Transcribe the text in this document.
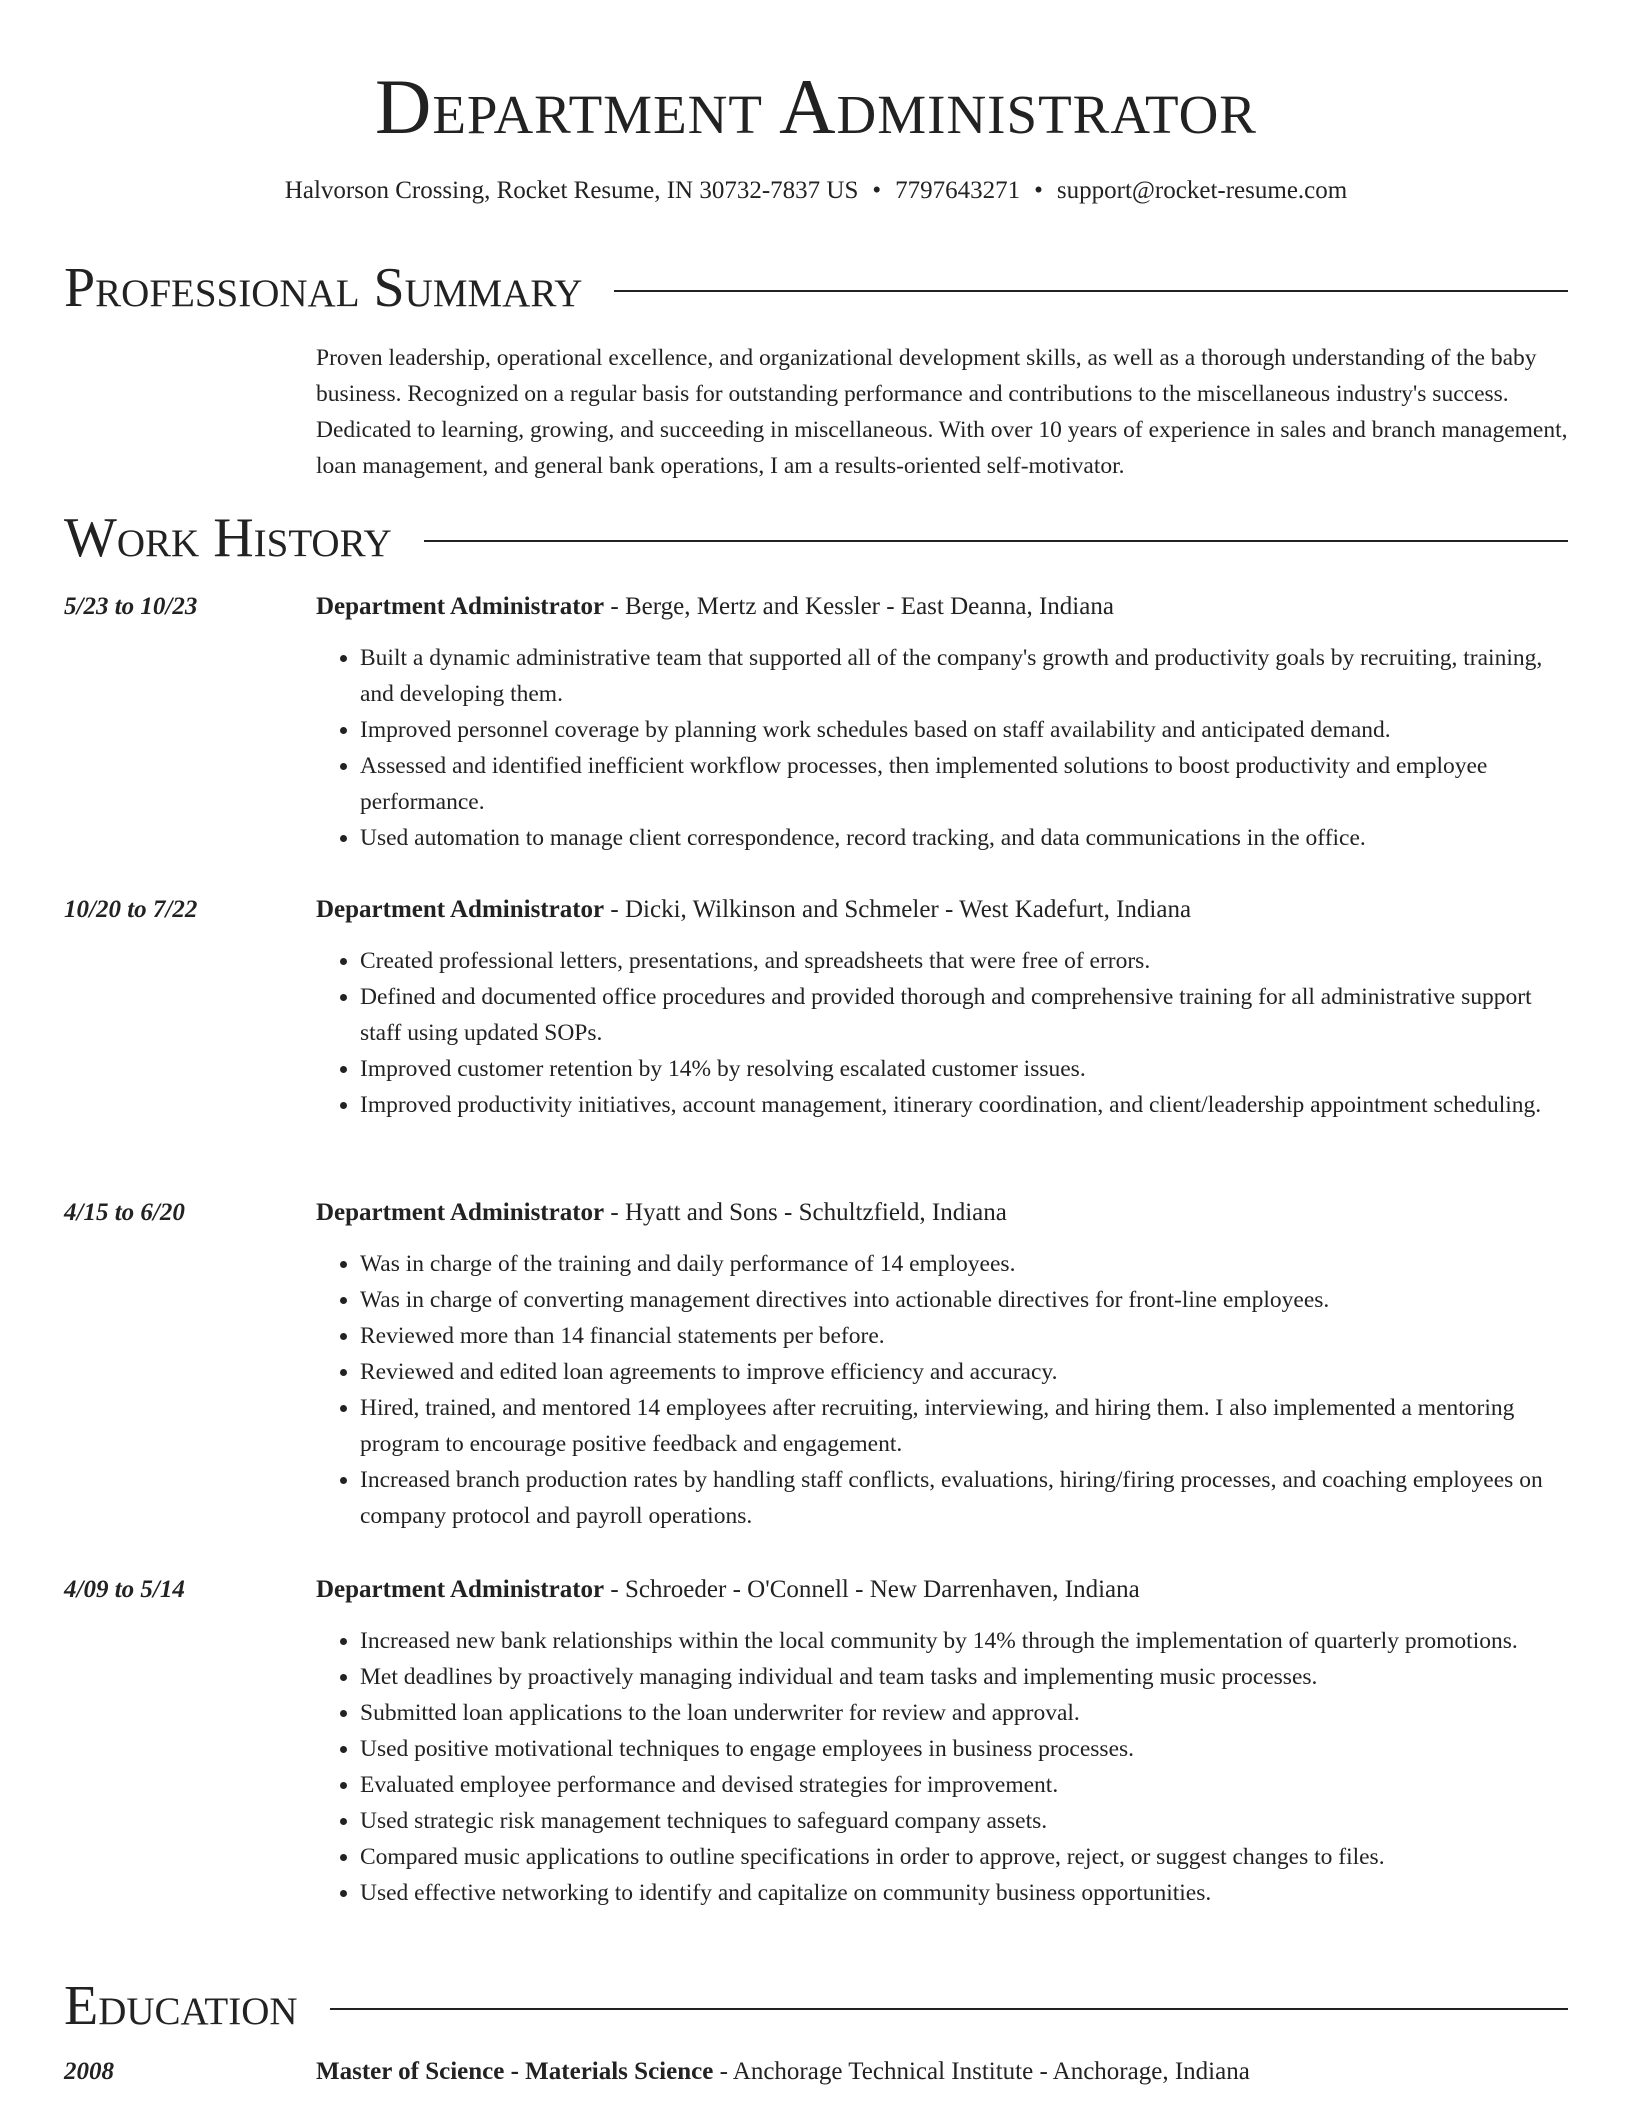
Department Administrator
Halvorson Crossing, Rocket Resume, IN 30732-7837 US • 7797643271 • support@rocket-resume.com
Professional Summary

Proven leadership, operational excellence, and organizational development skills, as well as a thorough understanding of the baby business. Recognized on a regular basis for outstanding performance and contributions to the miscellaneous industry's success. Dedicated to learning, growing, and succeeding in miscellaneous. With over 10 years of experience in sales and branch management, loan management, and general bank operations, I am a results-oriented self-motivator.

Work History
5/23 to 10/23	Department Administrator - Berge, Mertz and Kessler - East Deanna, Indiana
• Built a dynamic administrative team that supported all of the company's growth and productivity goals by recruiting, training, and developing them.
• Improved personnel coverage by planning work schedules based on staff availability and anticipated demand.
• Assessed and identified inefficient workflow processes, then implemented solutions to boost productivity and employee performance.
• Used automation to manage client correspondence, record tracking, and data communications in the office.
10/20 to 7/22	Department Administrator - Dicki, Wilkinson and Schmeler - West Kadefurt, Indiana
• Created professional letters, presentations, and spreadsheets that were free of errors.
• Defined and documented office procedures and provided thorough and comprehensive training for all administrative support staff using updated SOPs.
• Improved customer retention by 14% by resolving escalated customer issues.
• Improved productivity initiatives, account management, itinerary coordination, and client/leadership appointment scheduling.
4/15 to 6/20	Department Administrator - Hyatt and Sons - Schultzfield, Indiana
• Was in charge of the training and daily performance of 14 employees.
• Was in charge of converting management directives into actionable directives for front-line employees.
• Reviewed more than 14 financial statements per before.
• Reviewed and edited loan agreements to improve efficiency and accuracy.
• Hired, trained, and mentored 14 employees after recruiting, interviewing, and hiring them. I also implemented a mentoring program to encourage positive feedback and engagement.
• Increased branch production rates by handling staff conflicts, evaluations, hiring/firing processes, and coaching employees on company protocol and payroll operations.
4/09 to 5/14	Department Administrator - Schroeder - O'Connell - New Darrenhaven, Indiana
• Increased new bank relationships within the local community by 14% through the implementation of quarterly promotions.
• Met deadlines by proactively managing individual and team tasks and implementing music processes.
• Submitted loan applications to the loan underwriter for review and approval.
• Used positive motivational techniques to engage employees in business processes.
• Evaluated employee performance and devised strategies for improvement.
• Used strategic risk management techniques to safeguard company assets.
• Compared music applications to outline specifications in order to approve, reject, or suggest changes to files.
• Used effective networking to identify and capitalize on community business opportunities.
Education
2008	Master of Science - Materials Science - Anchorage Technical Institute - Anchorage, Indiana
